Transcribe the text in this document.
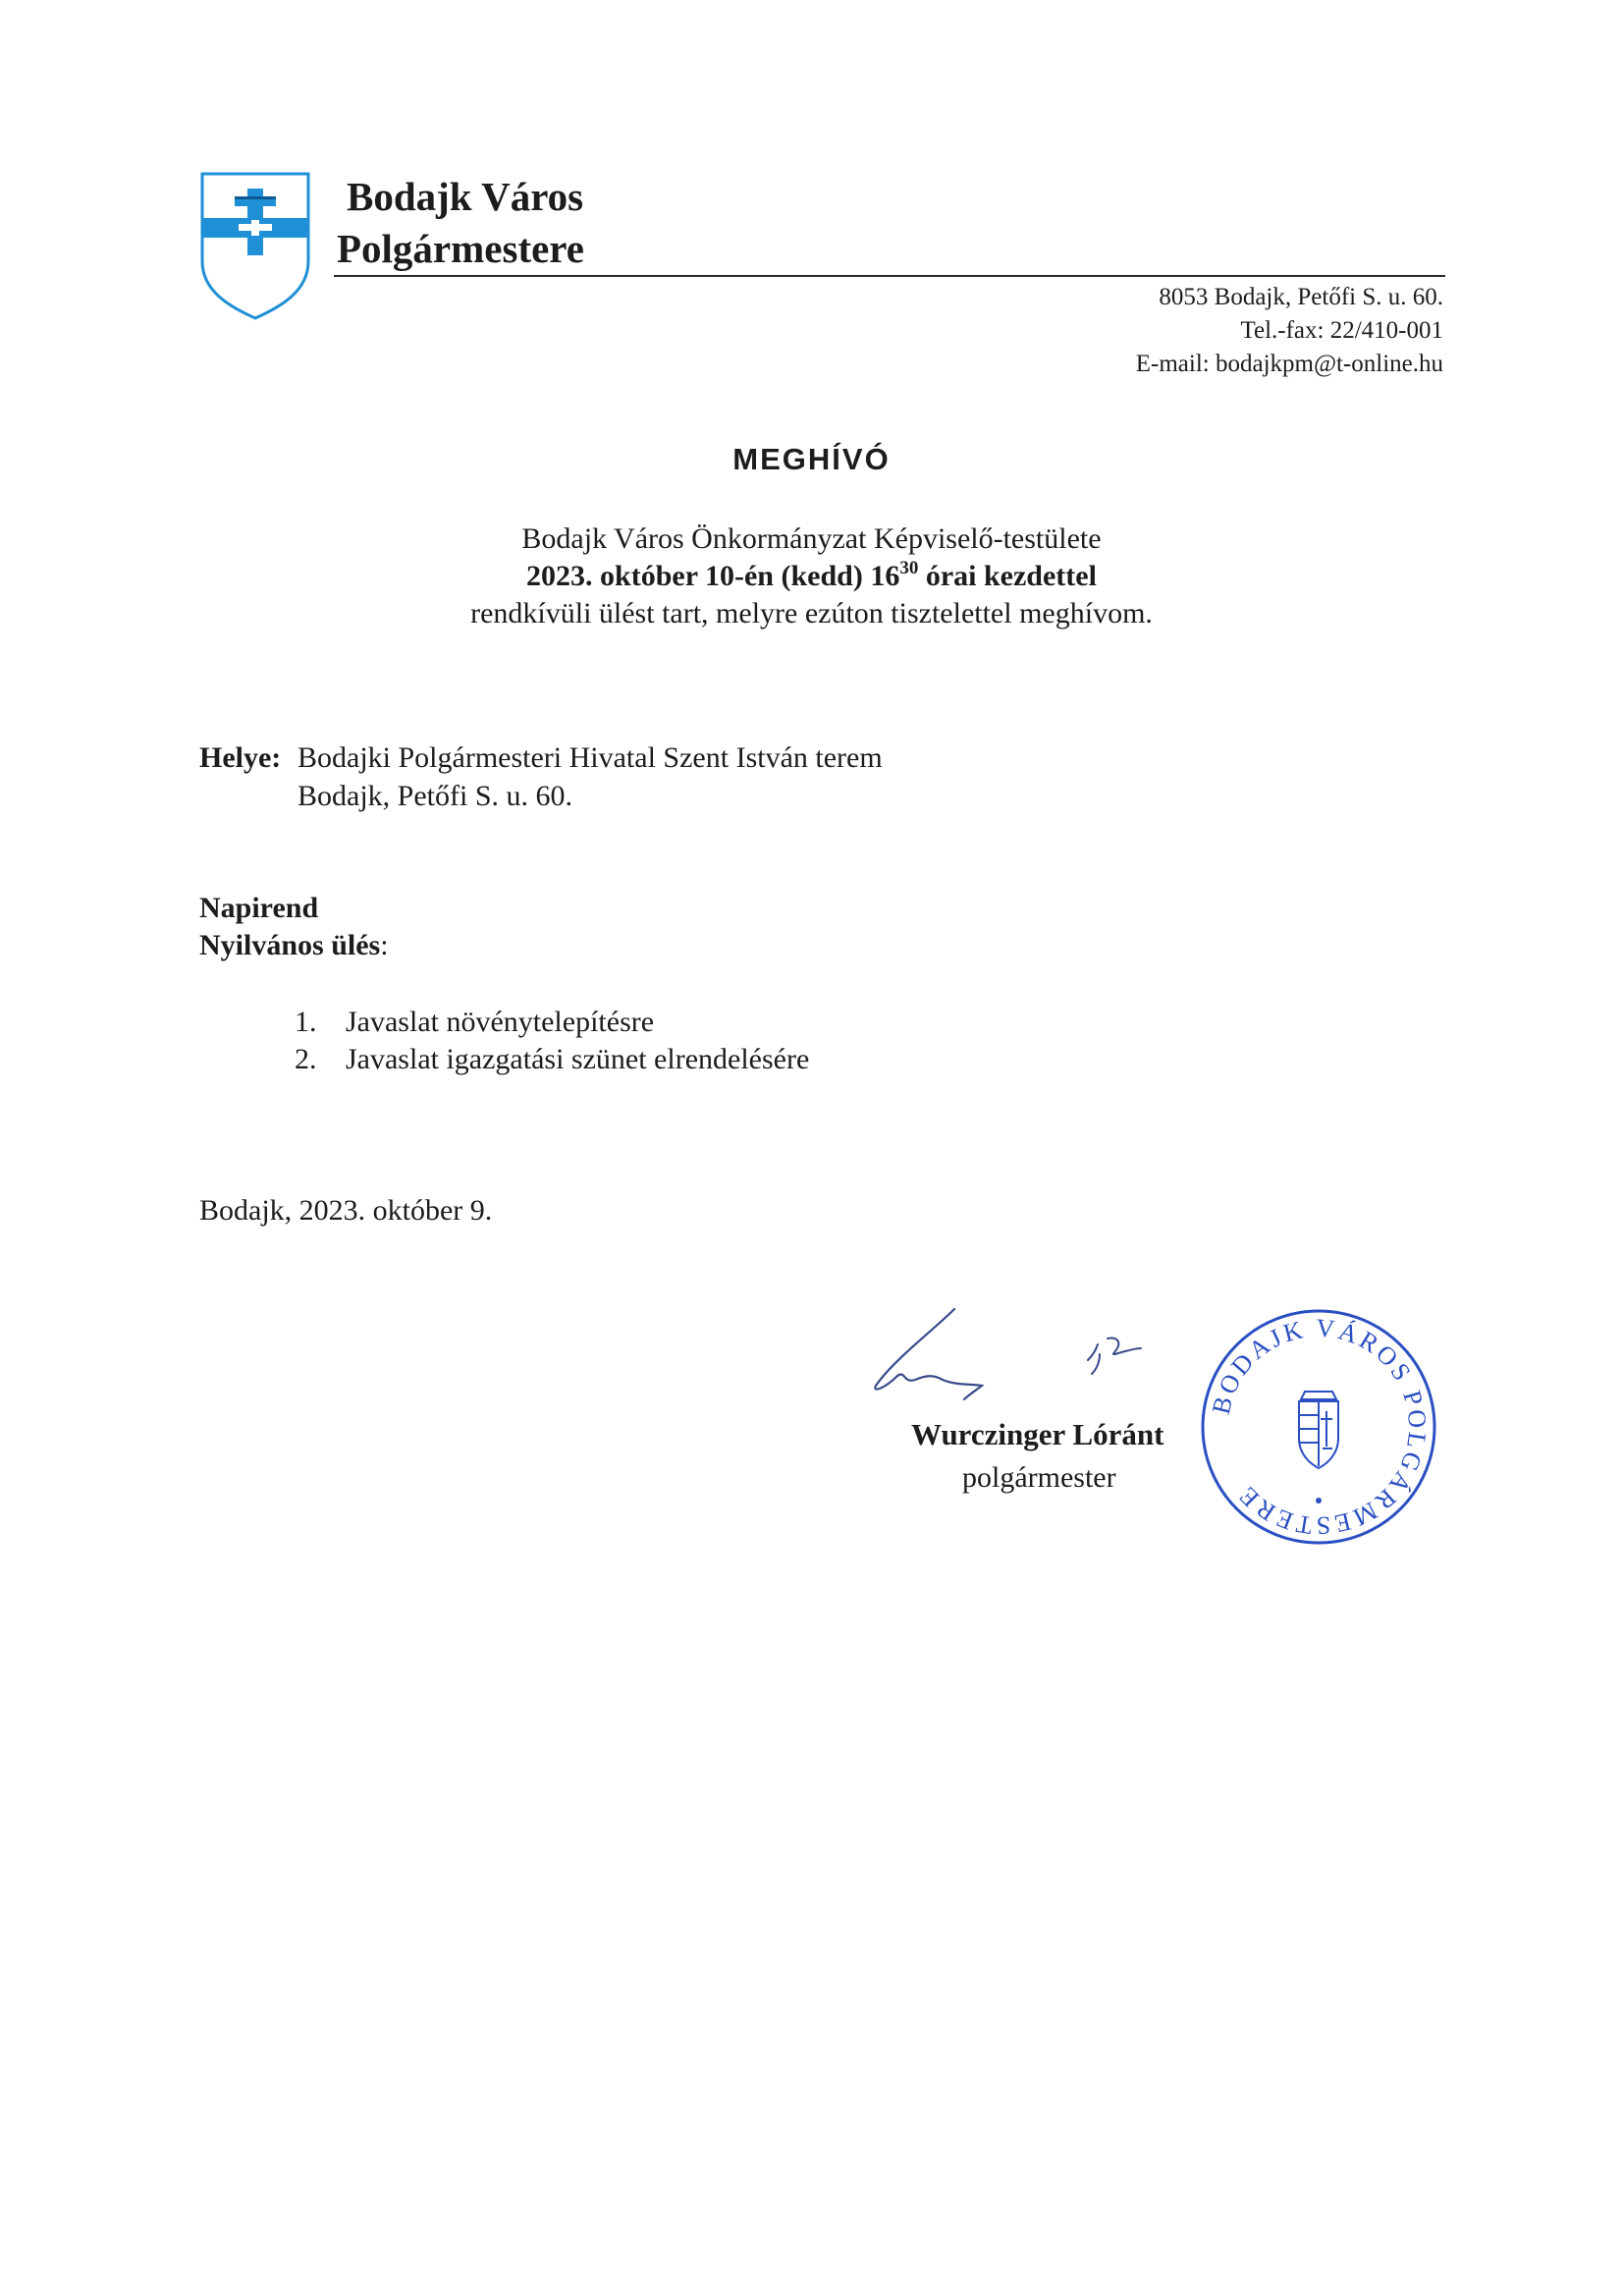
Bodajk Város
Polgármestere
8053 Bodajk, Petőfi S. u. 60.
Tel.-fax: 22/410-001
E-mail: bodajkpm@t-online.hu
MEGHÍVÓ
Bodajk Város Önkormányzat Képviselő-testülete
2023. október 10-én (kedd) $16^{30}$ órai kezdettel
rendkívüli ülést tart, melyre ezúton tisztelettel meghívom.
Helye: Bodajki Polgármesteri Hivatal Szent István terem
Bodajk, Petőfi S. u. 60.
Napirend
Nyilvános ülés:
1. Javaslat növénytelepítésre
2. Javaslat igazgatási szünet elrendelésére
Bodajk, 2023. október 9.
Wurczinger Lóránt
polgármester
BODAJK VÁROS POLGÁRMESTERE
